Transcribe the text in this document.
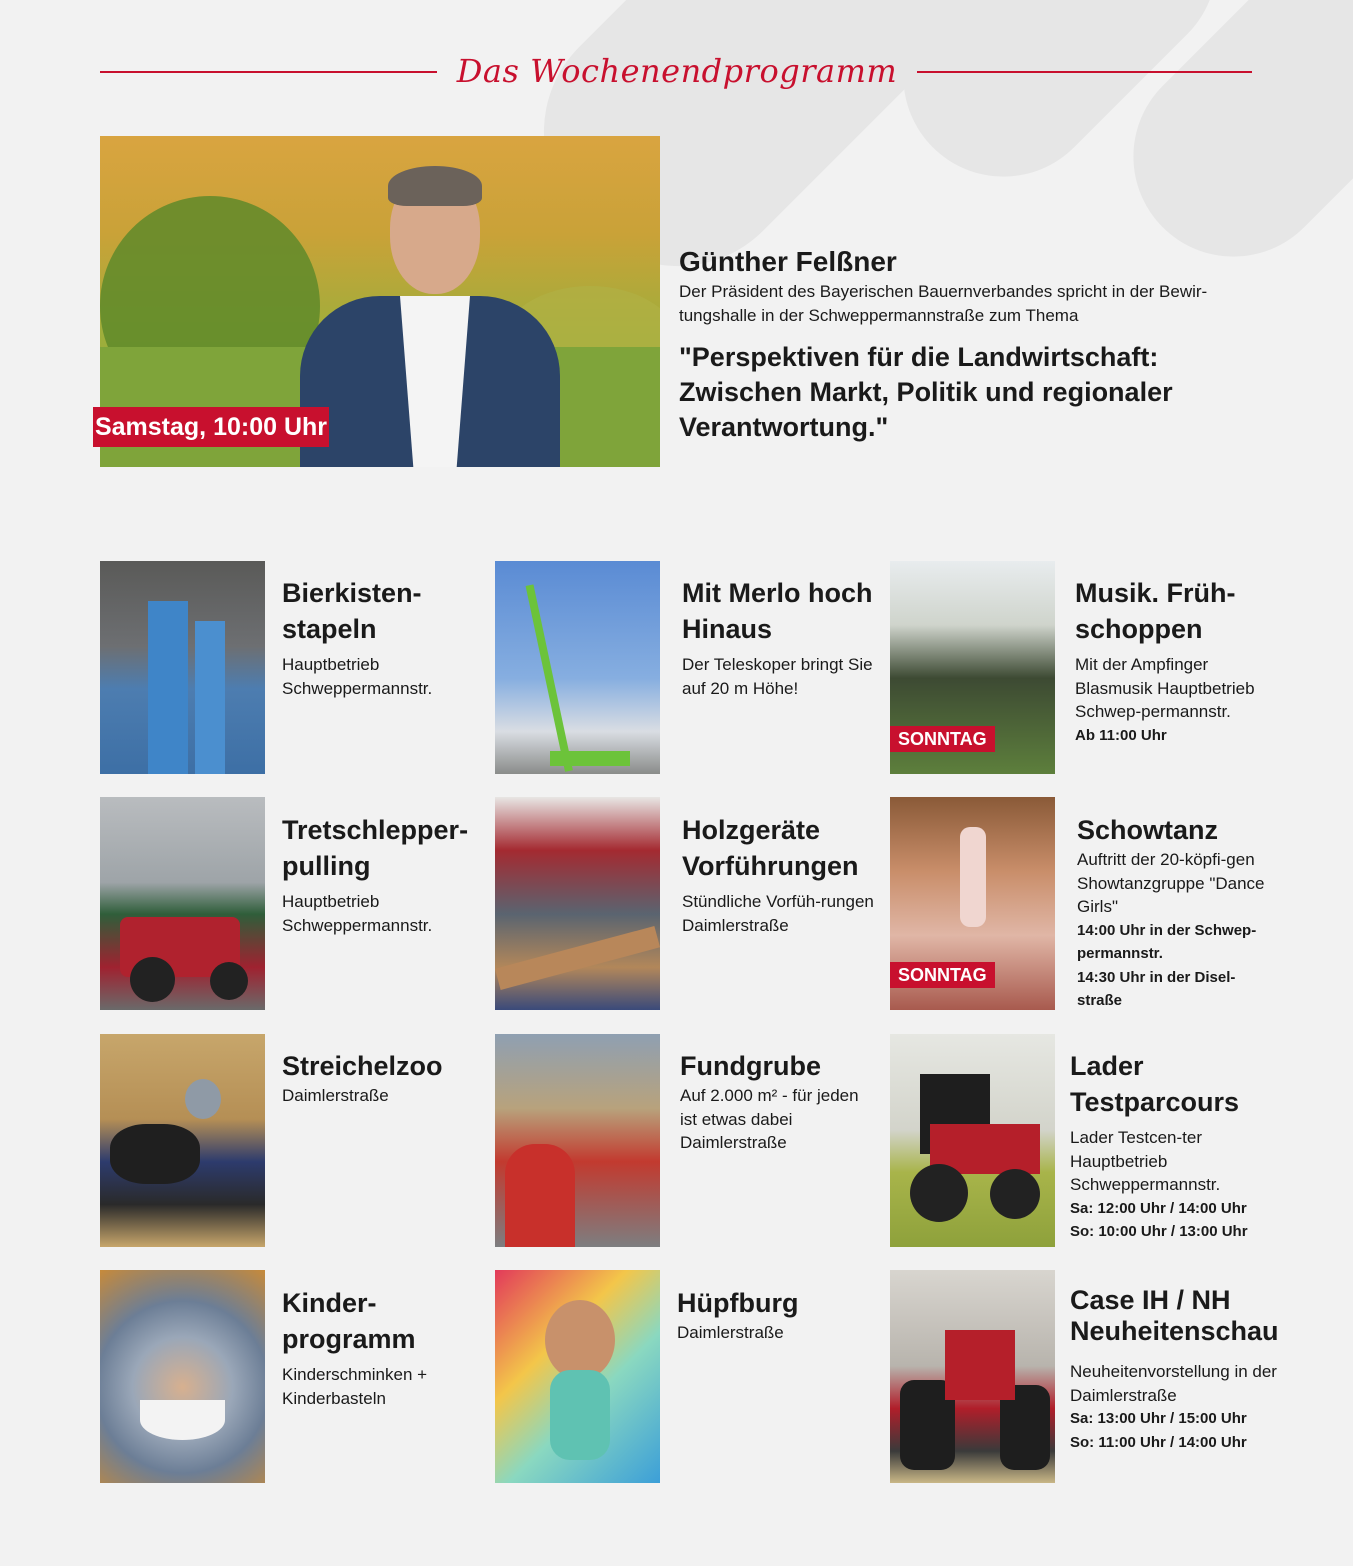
Das Wochenendprogramm
Samstag, 10:00 Uhr
Günther Felßner
Der Präsident des Bayerischen Bauernverbandes spricht in der Bewir-tungshalle in der Schweppermannstraße zum Thema
"Perspektiven für die Landwirtschaft: Zwischen Markt, Politik und regionaler Verantwortung."
Bierkisten-stapeln
Hauptbetrieb Schweppermannstr.
Mit Merlo hoch Hinaus
Der Teleskoper bringt Sie auf 20 m Höhe!
SONNTAG
Musik. Früh-schoppen
Mit der Ampfinger Blasmusik Hauptbetrieb Schwep-permannstr.
Ab 11:00 Uhr
Tretschlepper-pulling
Hauptbetrieb Schweppermannstr.
Holzgeräte Vorführungen
Stündliche Vorfüh-rungen Daimlerstraße
SONNTAG
Schowtanz
Auftritt der 20-köpfi-gen Showtanzgruppe "Dance Girls"
14:00 Uhr in der Schwep-permannstr.
14:30 Uhr in der Disel-straße
Streichelzoo
Daimlerstraße
Fundgrube
Auf 2.000 m² - für jeden ist etwas dabei Daimlerstraße
Lader Testparcours
Lader Testcen-ter Hauptbetrieb Schweppermannstr.
Sa: 12:00 Uhr / 14:00 Uhr
So: 10:00 Uhr / 13:00 Uhr
Kinder-programm
Kinderschminken + Kinderbasteln
Hüpfburg
Daimlerstraße
Case IH / NH Neuheitenschau
Neuheitenvorstellung in der Daimlerstraße
Sa: 13:00 Uhr / 15:00 Uhr
So: 11:00 Uhr / 14:00 Uhr
